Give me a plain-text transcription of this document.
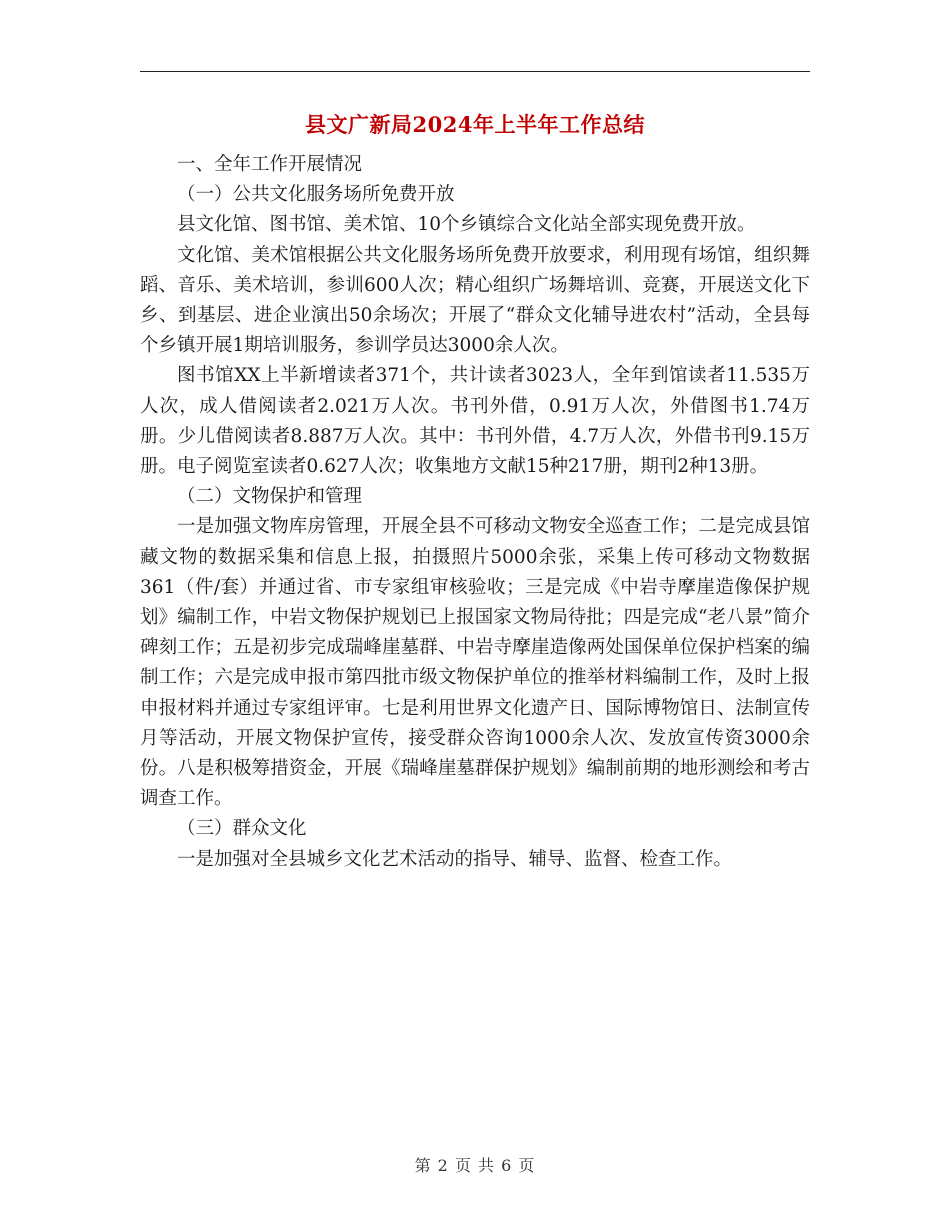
县文广新局2024年上半年工作总结

一、全年工作开展情况

（一）公共文化服务场所免费开放

县文化馆、图书馆、美术馆、10个乡镇综合文化站全部实现免费开放。

文化馆、美术馆根据公共文化服务场所免费开放要求，利用现有场馆，组织舞蹈、音乐、美术培训，参训600人次；精心组织广场舞培训、竞赛，开展送文化下乡、到基层、进企业演出50余场次；开展了“群众文化辅导进农村”活动，全县每个乡镇开展1期培训服务，参训学员达3000余人次。

图书馆XX上半新增读者371个，共计读者3023人，全年到馆读者11.535万人次，成人借阅读者2.021万人次。书刊外借，0.91万人次，外借图书1.74万册。少儿借阅读者8.887万人次。其中：书刊外借，4.7万人次，外借书刊9.15万册。电子阅览室读者0.627人次；收集地方文献15种217册，期刊2种13册。

（二）文物保护和管理

一是加强文物库房管理，开展全县不可移动文物安全巡查工作；二是完成县馆藏文物的数据采集和信息上报，拍摄照片5000余张，采集上传可移动文物数据361（件/套）并通过省、市专家组审核验收；三是完成《中岩寺摩崖造像保护规划》编制工作，中岩文物保护规划已上报国家文物局待批；四是完成“老八景”简介碑刻工作；五是初步完成瑞峰崖墓群、中岩寺摩崖造像两处国保单位保护档案的编制工作；六是完成申报市第四批市级文物保护单位的推举材料编制工作，及时上报申报材料并通过专家组评审。七是利用世界文化遗产日、国际博物馆日、法制宣传月等活动，开展文物保护宣传，接受群众咨询1000余人次、发放宣传资3000余份。八是积极筹措资金，开展《瑞峰崖墓群保护规划》编制前期的地形测绘和考古调查工作。

（三）群众文化

一是加强对全县城乡文化艺术活动的指导、辅导、监督、检查工作。

第 2 页 共 6 页
